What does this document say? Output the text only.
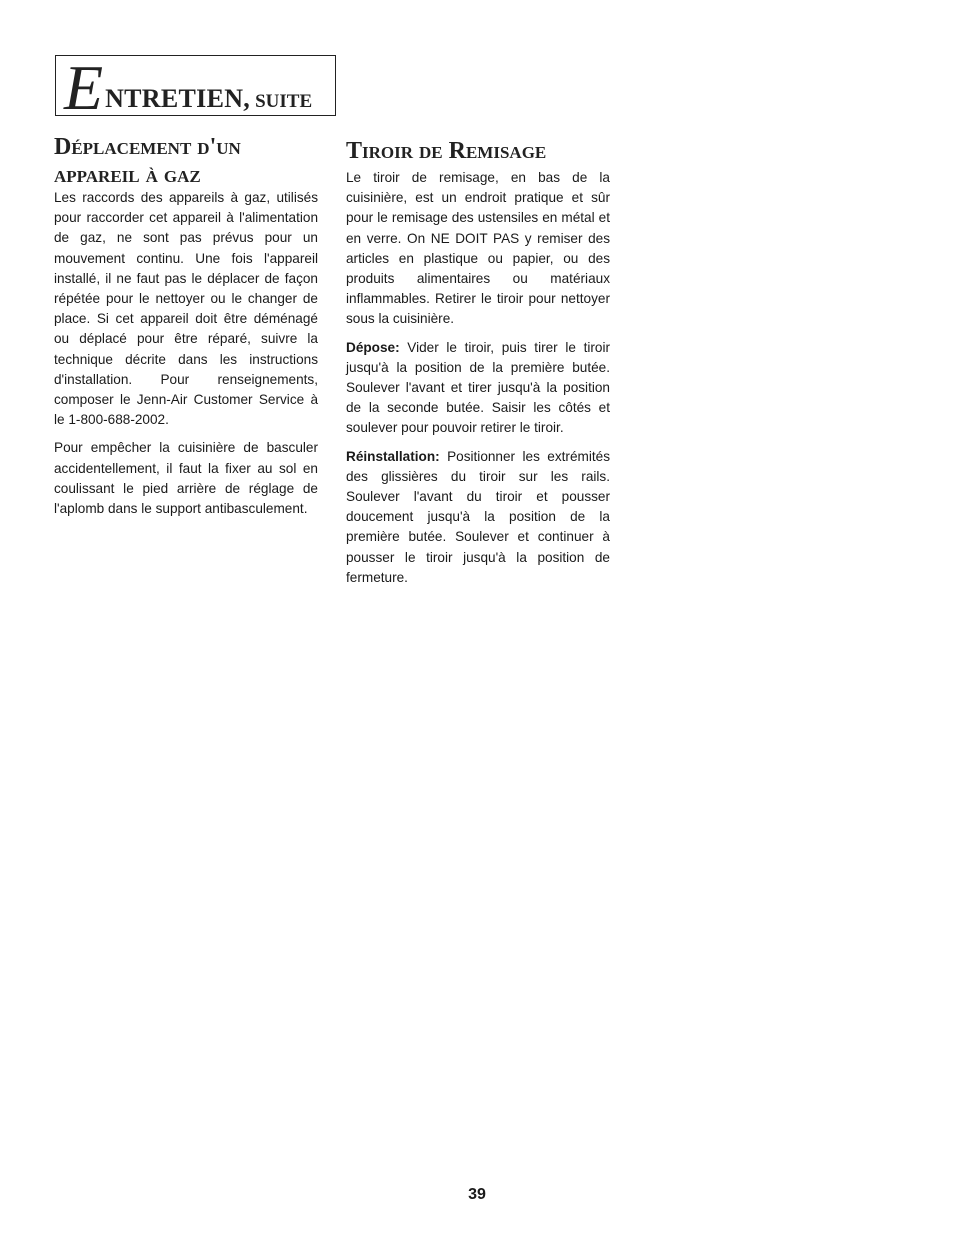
E NTRETIEN, SUITE
Déplacement d'un
appareil à gaz

Les raccords des appareils à gaz, utilisés pour raccorder cet appareil à l'alimentation de gaz, ne sont pas prévus pour un mouvement continu. Une fois l'appareil installé, il ne faut pas le déplacer de façon répétée pour le nettoyer ou le changer de place. Si cet appareil doit être déménagé ou déplacé pour être réparé, suivre la technique décrite dans les instructions d'installation. Pour renseignements, composer le Jenn-Air Customer Service à le 1-800-688-2002.

Pour empêcher la cuisinière de basculer accidentellement, il faut la fixer au sol en coulissant le pied arrière de réglage de l'aplomb dans le support antibasculement.

Tiroir de Remisage

Le tiroir de remisage, en bas de la cuisinière, est un endroit pratique et sûr pour le remisage des ustensiles en métal et en verre. On NE DOIT PAS y remiser des articles en plastique ou papier, ou des produits alimentaires ou matériaux inflammables. Retirer le tiroir pour nettoyer sous la cuisinière.

Dépose: Vider le tiroir, puis tirer le tiroir jusqu'à la position de la première butée. Soulever l'avant et tirer jusqu'à la position de la seconde butée. Saisir les côtés et soulever pour pouvoir retirer le tiroir.

Réinstallation: Positionner les extrémités des glissières du tiroir sur les rails. Soulever l'avant du tiroir et pousser doucement jusqu'à la position de la première butée. Soulever et continuer à pousser le tiroir jusqu'à la position de fermeture.

39
